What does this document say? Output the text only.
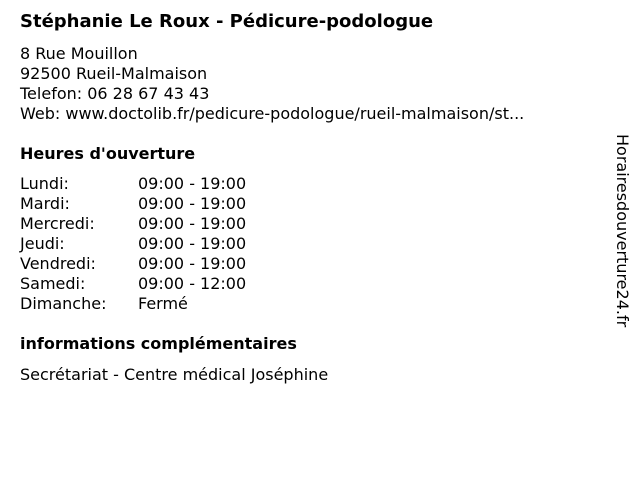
Stéphanie Le Roux - Pédicure-podologue
8 Rue Mouillon
92500 Rueil-Malmaison
Telefon: 06 28 67 43 43
Web: www.doctolib.fr/pedicure-podologue/rueil-malmaison/st...
Heures d'ouverture
Lundi:	09:00 - 19:00
Mardi:	09:00 - 19:00
Mercredi:	09:00 - 19:00
Jeudi:	09:00 - 19:00
Vendredi:	09:00 - 19:00
Samedi:	09:00 - 12:00
Dimanche: Fermé
informations complémentaires
Secrétariat - Centre médical Joséphine
Horairesdouverture24.fr
